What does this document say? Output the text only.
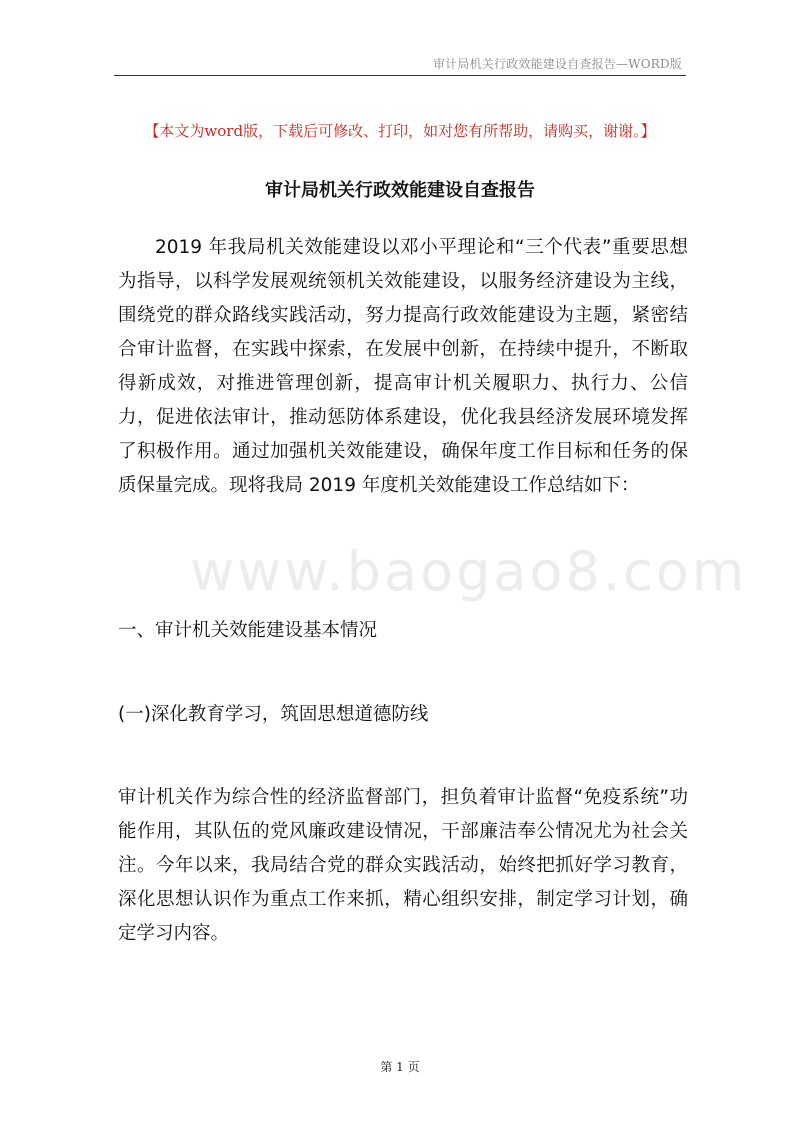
审计局机关行政效能建设自查报告—WORD版
【本文为word版，下载后可修改、打印，如对您有所帮助，请购买，谢谢。】
审计局机关行政效能建设自查报告
www.baogao8.com
2019 年我局机关效能建设以邓小平理论和“三个代表”重要思想为指导，以科学发展观统领机关效能建设，以服务经济建设为主线，围绕党的群众路线实践活动，努力提高行政效能建设为主题，紧密结合审计监督，在实践中探索，在发展中创新，在持续中提升，不断取得新成效，对推进管理创新，提高审计机关履职力、执行力、公信力，促进依法审计，推动惩防体系建设，优化我县经济发展环境发挥了积极作用。通过加强机关效能建设，确保年度工作目标和任务的保质保量完成。现将我局 2019 年度机关效能建设工作总结如下：
一、审计机关效能建设基本情况
(一)深化教育学习，筑固思想道德防线
审计机关作为综合性的经济监督部门，担负着审计监督“免疫系统”功能作用，其队伍的党风廉政建设情况，干部廉洁奉公情况尤为社会关注。今年以来，我局结合党的群众实践活动，始终把抓好学习教育，深化思想认识作为重点工作来抓，精心组织安排，制定学习计划，确定学习内容。
第 1 页
